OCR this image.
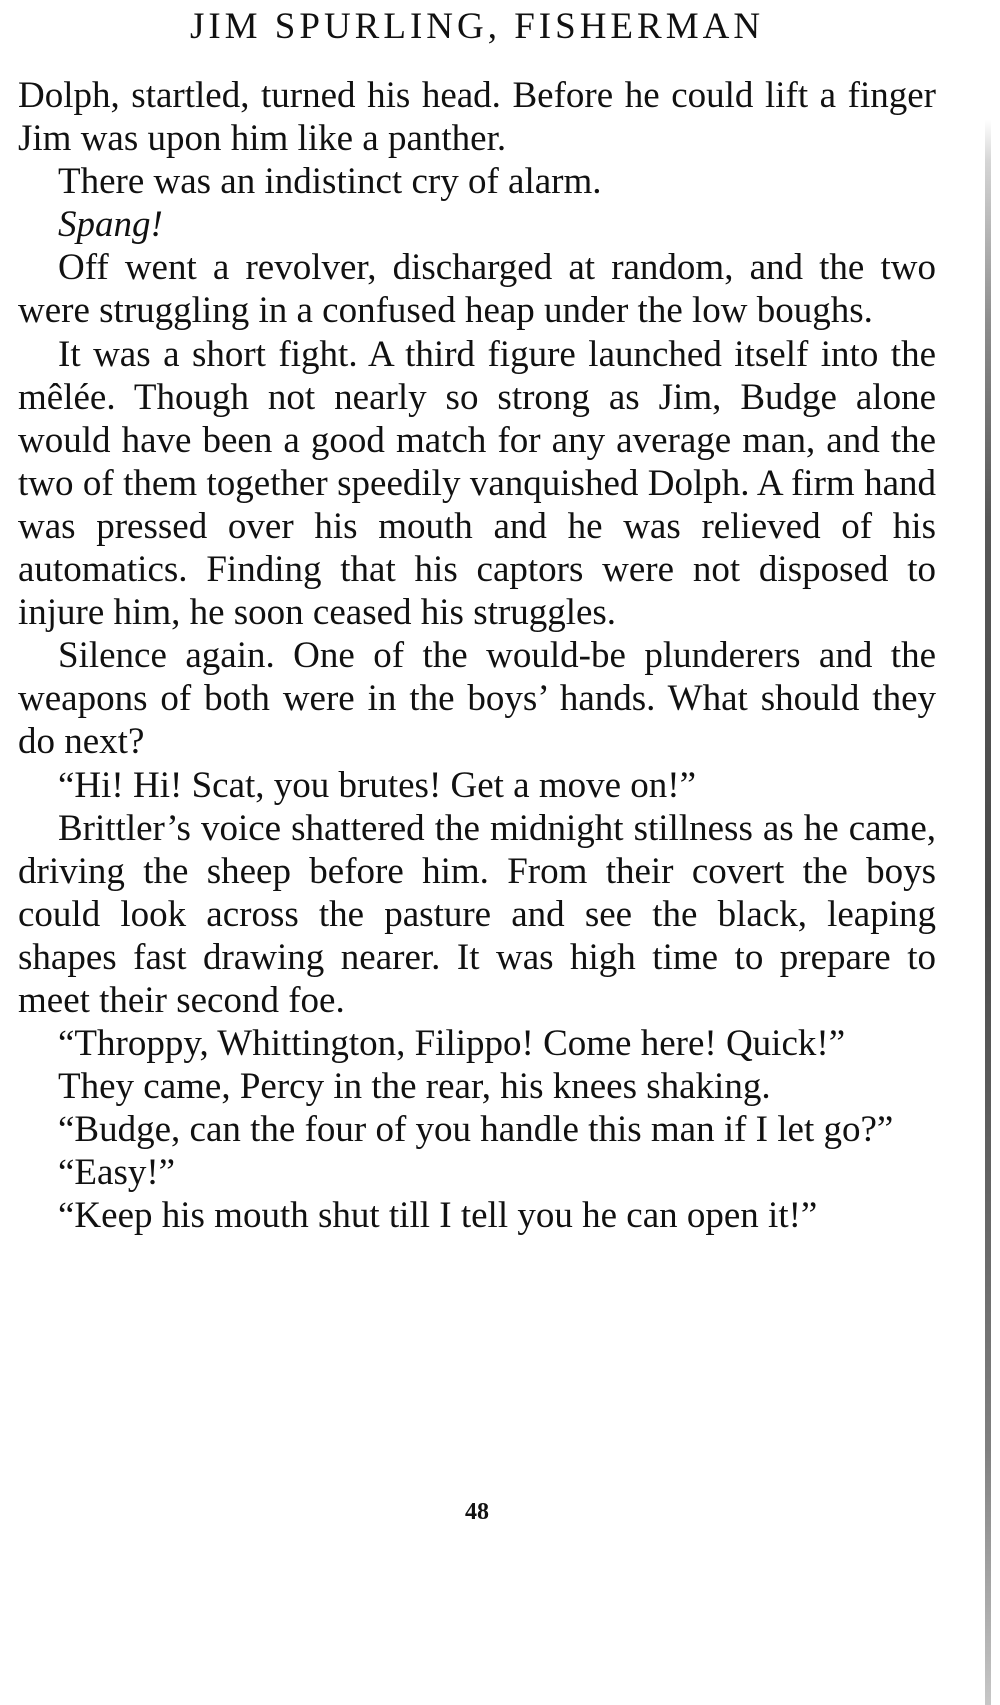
JIM SPURLING, FISHERMAN

Dolph, startled, turned his head. Before he could lift a finger Jim was upon him like a panther.

There was an indistinct cry of alarm.

Spang!

Off went a revolver, discharged at random, and the two were struggling in a confused heap under the low boughs.

It was a short fight. A third figure launched itself into the mêlée. Though not nearly so strong as Jim, Budge alone would have been a good match for any average man, and the two of them together speedily vanquished Dolph. A firm hand was pressed over his mouth and he was relieved of his automatics. Finding that his captors were not disposed to injure him, he soon ceased his struggles.

Silence again. One of the would-be plunderers and the weapons of both were in the boys’ hands. What should they do next?

“Hi! Hi! Scat, you brutes! Get a move on!”

Brittler’s voice shattered the midnight stillness as he came, driving the sheep before him. From their covert the boys could look across the pasture and see the black, leaping shapes fast drawing nearer. It was high time to prepare to meet their second foe.

“Throppy, Whittington, Filippo! Come here! Quick!”

They came, Percy in the rear, his knees shaking.

“Budge, can the four of you handle this man if I let go?”

“Easy!”

“Keep his mouth shut till I tell you he can open it!”

48
